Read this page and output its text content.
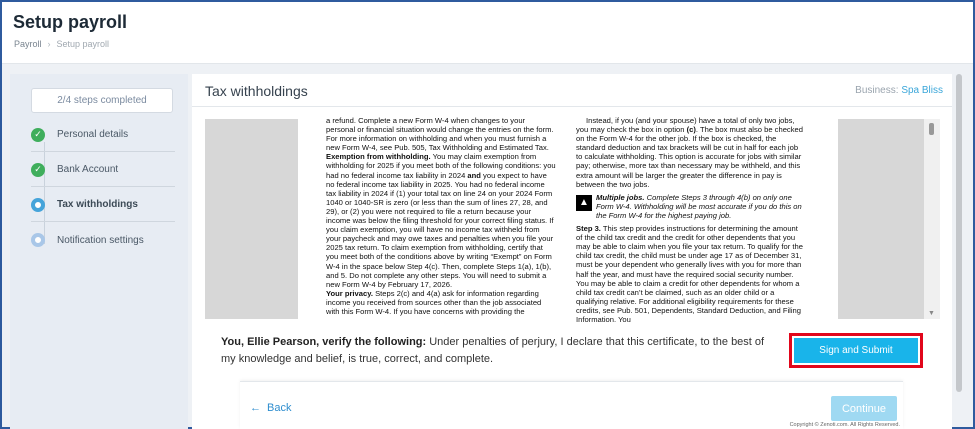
Setup payroll
Payroll › Setup payroll
2/4 steps completed
✓	Personal details
✓	Bank Account
Tax withholdings
Notification settings
Tax withholdings	Business: Spa Bliss

a refund. Complete a new Form W-4 when changes to your personal or financial situation would change the entries on the form. For more information on withholding and when you must furnish a new Form W-4, see Pub. 505, Tax Withholding and Estimated Tax.

Exemption from withholding. You may claim exemption from withholding for 2025 if you meet both of the following conditions: you had no federal income tax liability in 2024 and you expect to have no federal income tax liability in 2025. You had no federal income tax liability in 2024 if (1) your total tax on line 24 on your 2024 Form 1040 or 1040-SR is zero (or less than the sum of lines 27, 28, and 29), or (2) you were not required to file a return because your income was below the filing threshold for your correct filing status. If you claim exemption, you will have no income tax withheld from your paycheck and may owe taxes and penalties when you file your 2025 tax return. To claim exemption from withholding, certify that you meet both of the conditions above by writing “Exempt” on Form W-4 in the space below Step 4(c). Then, complete Steps 1(a), 1(b), and 5. Do not complete any other steps. You will need to submit a new Form W-4 by February 17, 2026.

Your privacy. Steps 2(c) and 4(a) ask for information regarding income you received from sources other than the job associated with this Form W-4. If you have concerns with providing the

Instead, if you (and your spouse) have a total of only two jobs, you may check the box in option (c). The box must also be checked on the Form W-4 for the other job. If the box is checked, the standard deduction and tax brackets will be cut in half for each job to calculate withholding. This option is accurate for jobs with similar pay; otherwise, more tax than necessary may be withheld, and this extra amount will be larger the greater the difference in pay is between the two jobs.

▲ Multiple jobs. Complete Steps 3 through 4(b) on only one Form W-4. Withholding will be most accurate if you do this on the Form W-4 for the highest paying job.

Step 3. This step provides instructions for determining the amount of the child tax credit and the credit for other dependents that you may be able to claim when you file your tax return. To qualify for the child tax credit, the child must be under age 17 as of December 31, must be your dependent who generally lives with you for more than half the year, and must have the required social security number. You may be able to claim a credit for other dependents for whom a child tax credit can’t be claimed, such as an older child or a qualifying relative. For additional eligibility requirements for these credits, see Pub. 501, Dependents, Standard Deduction, and Filing Information. You

▼
You, Ellie Pearson, verify the following: Under penalties of perjury, I declare that this certificate, to the best of my knowledge and belief, is true, correct, and complete.
Sign and Submit
← Back	Continue
Copyright © Zenoti.com. All Rights Reserved.
